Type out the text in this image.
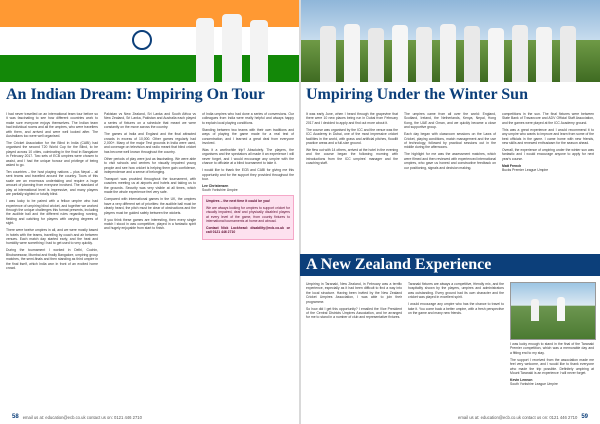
An Indian Dream: Umpiring On Tour

I had never travelled on an international team tour before so it was fascinating to see how different countries work to make sure everyone enjoys themselves. The Indian team had individual rooms and all the umpires, who were travellers with them, and arrived and were well looked after. The Australians too were well organised.

The Cricket Association for the Blind in India (CABI) had organised the second T20 World Cup for the Blind, to be played across 10 cities, culminating in the final in Bangalore in February 2017. Two sets of ECB umpires were chosen to assist, and I had the unique honour and privilege of being asked to go.

Ten countries – the host playing nations – plus Nepal – all sent teams and travelled around the country. Tours of this scale are an enormous undertaking and require a huge amount of planning from everyone involved. The standard of play at international level is impressive, and many players are partially sighted or totally blind.

I was lucky to be paired with a fellow umpire who had experience of umpiring blind cricket, and together we worked through the unique challenges this format presents, including the audible ball and the different rules regarding running, fielding and catching for players with varying degrees of sight.

There were twelve umpires in all, and we were mostly based in hotels with the teams, travelling by coach and air between venues. Each match day started early, and the heat and humidity were something I had to get used to very quickly.

During the tournament I worked in Delhi, Cochin, Bhubaneswar, Mumbai and finally Bangalore, umpiring group matches, the semi-finals and then standing as third umpire in the final itself, which India won in front of an excited home crowd.

Pakistan vs New Zealand, Sri Lanka and South Africa vs New Zealand, Sri Lanka, Pakistan and Australia each played a series of fixtures on a schedule that meant we were constantly on the move across the country.

The games at India and England and the final attracted crowds in excess of 10,000. Other games regularly had 2,000+. Many of the major Test grounds in India were used, and coverage on television and radio meant that blind cricket has become well known throughout the country.

Other periods of play were just as fascinating. We were able to visit schools and centres for visually impaired young people and see how cricket is helping them gain confidence, independence and a sense of belonging.

Transport was provided throughout the tournament, with coaches meeting us at airports and hotels and taking us to the grounds. Security was very visible at all times, which made the whole experience feel very safe.

Compared with international games in the UK, the umpires have a very different set of priorities: the audible ball must be clearly heard, the pitch must be clear of obstructions and the players must be guided safely between the wickets.

If you think these games are interesting, then every single match I stood in was competitive, played in a fantastic spirit and hugely enjoyable from start to finish.

of India umpires who had done a series of conversions. Our colleagues from India were really helpful and always happy to explain local playing conditions.

Standing between two teams with their own traditions and ways of playing the game made for a real test of concentration, and I learned a great deal from everyone involved.

Was it a worthwhile trip? Absolutely. The players, the organisers and the spectators all made it an experience I will never forget, and I would encourage any umpire with the chance to officiate at a blind tournament to take it.

I would like to thank the ECB and CABI for giving me this opportunity and for the support they provided throughout the tour.

Lee Christensen
South Yorkshire Umpire

Umpires – the next time it could be you!

We are always looking for umpires to support cricket for visually impaired, deaf and physically disabled players at every level of the game, from county fixtures to international tournaments at home and abroad.

Contact Nick Lockhead: disability@ecb.co.uk or call 0121 446 2710

58 email us at: education@ecb.co.uk contact us on: 0121 446 2710
Umpiring Under the Winter Sun

It was early June, when I heard through the grapevine that there were 10 new places being run in Dubai from February 2017 and I decided to apply and find out more about it.

The course was organised by the ICC and the venue was the ICC Academy in Dubai, one of the most impressive cricket facilities in the world, with grass and artificial pitches, floodlit practice areas and a full-size ground.

We flew out with 14 others, arrived at the hotel in the evening and the course began the following morning with introductions from the ICC umpires' manager and the coaching staff.

The umpires came from all over the world: England, Scotland, Ireland, the Netherlands, Kenya, Nepal, Hong Kong, the UAE and Oman, and we quickly became a close and supportive group.

Each day began with classroom sessions on the Laws of Cricket, playing conditions, match management and the use of technology, followed by practical sessions out in the middle during the afternoons.

The highlight for me was the assessment matches, which were filmed and then reviewed with experienced international umpires, who gave us honest and constructive feedback on our positioning, signals and decision making.

competitions in the sun. The final fixtures were between State Bank of Travancore and ADV Official Staff Association, and the games were played at the ICC Academy ground.

This was a great experience and I would recommend it to any umpire who wants to improve and learn from some of the best officials in the game. I came home with new friends, new skills and renewed enthusiasm for the season ahead.

Overall, the experience of umpiring under the winter sun was fantastic and I would encourage anyone to apply for next year's course.

Matt French
Bucks Premier League Umpire

A New Zealand Experience

Umpiring in Taranaki, New Zealand, in February was a terrific experience, especially as it had been difficult to find a way into the local structure. Having been invited by the New Zealand Cricket Umpires Association, I was able to join their programme.

So how did I get this opportunity? I emailed the Vice President of the Central Districts Umpires Association, and he arranged for me to stand in a number of club and representative fixtures.

Taranaki fixtures are always a competitive, friendly mix, and the hospitality shown by the players, umpires and administrators was outstanding. Every ground had its own character and the cricket was played in excellent spirit.

I would encourage any umpire who has the chance to travel to take it. You come back a better umpire, with a fresh perspective on the game and many new friends.

I was lucky enough to stand in the final of the Taranaki Premier competition, which was a memorable day and a fitting end to my stay.

The support I received from the association made me feel very welcome, and I would like to thank everyone who made the trip possible. Definitely umpiring at Mount Taranaki is an experience I will never forget.

Kevin Lennon
South Yorkshire League Umpire

email us at: education@ecb.co.uk contact us on: 0121 446 2710 59
